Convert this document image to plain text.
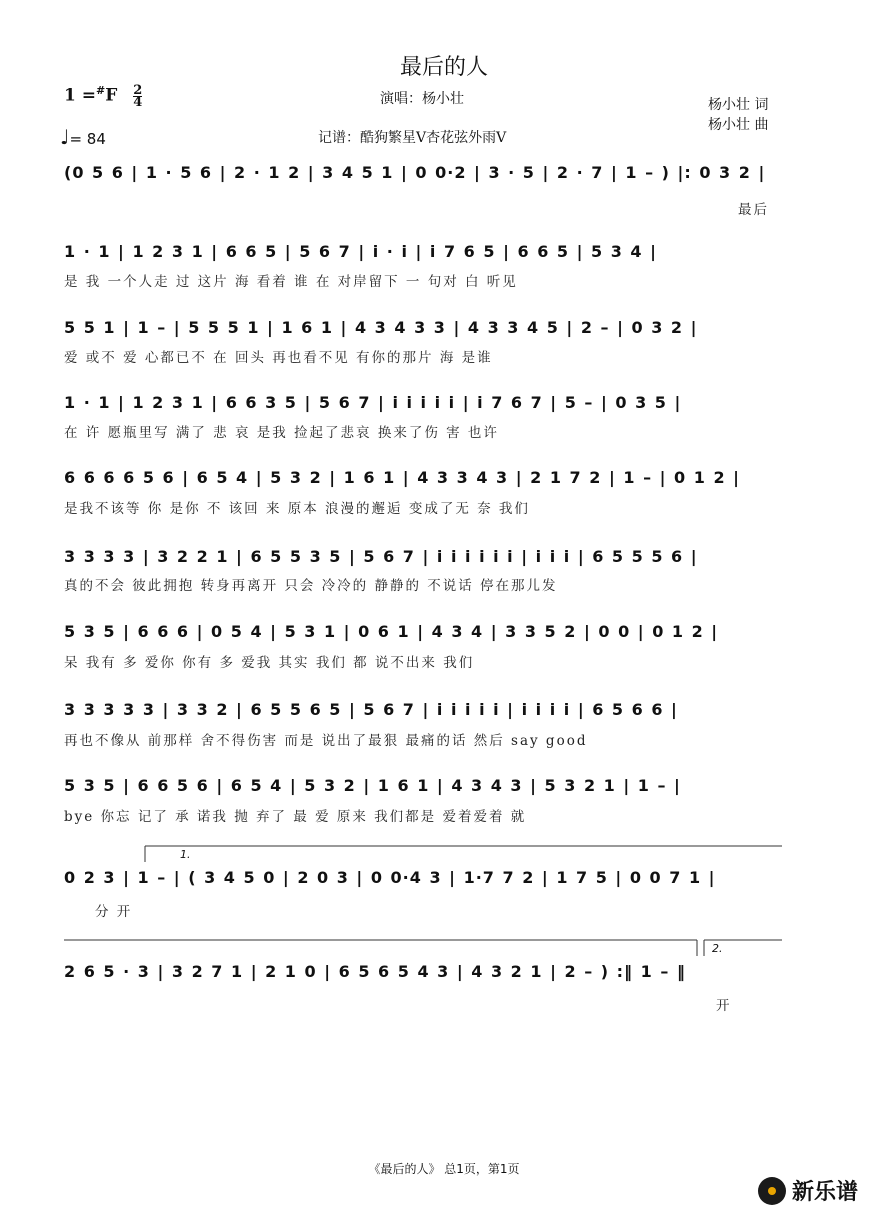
最后的人
$1 =^{\#}F \frac{2}{4}$
♩= 84
演唱：杨小壮	杨小壮 词
杨小壮 曲
记谱：酷狗繁星V杏花弦外雨V
(0 5 6 | 1 · 5 6 | 2 · 1 2 | 3 4 5 1 | 0 0·2 | 3 · 5 | 2 · 7 | 1 – ) |: 0 3 2 |
最后
1 · 1 | 1 2 3 1 | 6 6 5 | 5 6 7 | i · i | i 7 6 5 | 6 6 5 | 5 3 4 |
是 我 一个人走 过 这片 海 看着 谁 在 对岸留下 一 句对 白 听见
5 5 1 | 1 – | 5 5 5 1 | 1 6 1 | 4 3 4 3 3 | 4 3 3 4 5 | 2 – | 0 3 2 |
爱 或不 爱 心都已不 在 回头 再也看不见 有你的那片 海 是谁
1 · 1 | 1 2 3 1 | 6 6 3 5 | 5 6 7 | i i i i i | i 7 6 7 | 5 – | 0 3 5 |
在 许 愿瓶里写 满了 悲 哀 是我 捡起了悲哀 换来了伤 害 也许
6 6 6 6 5 6 | 6 5 4 | 5 3 2 | 1 6 1 | 4 3 3 4 3 | 2 1 7 2 | 1 – | 0 1 2 |
是我不该等 你 是你 不 该回 来 原本 浪漫的邂逅 变成了无 奈 我们
3 3 3 3 | 3 2 2 1 | 6 5 5 3 5 | 5 6 7 | i i i i i i | i i i | 6 5 5 5 6 |
真的不会 彼此拥抱 转身再离开 只会 冷冷的 静静的 不说话 停在那儿发
5 3 5 | 6 6 6 | 0 5 4 | 5 3 1 | 0 6 1 | 4 3 4 | 3 3 5 2 | 0 0 | 0 1 2 |
呆 我有 多 爱你 你有 多 爱我 其实 我们 都 说不出来 我们
3 3 3 3 3 | 3 3 2 | 6 5 5 6 5 | 5 6 7 | i i i i i | i i i i | 6 5 6 6 |
再也不像从 前那样 舍不得伤害 而是 说出了最狠 最痛的话 然后 say good
5 3 5 | 6 6 5 6 | 6 5 4 | 5 3 2 | 1 6 1 | 4 3 4 3 | 5 3 2 1 | 1 – |
bye 你忘 记了 承 诺我 抛 弃了 最 爱 原来 我们都是 爱着爱着 就
1.
0 2 3 | 1 – | ( 3 4 5 0 | 2 0 3 | 0 0·4 3 | 1·7 7 2 | 1 7 5 | 0 0 7 1 |
分 开
2.
2 6 5 · 3 | 3 2 7 1 | 2 1 0 | 6 5 6 5 4 3 | 4 3 2 1 | 2 – ) :‖ 1 – ‖
开
《最后的人》 总1页，第1页
新乐谱
